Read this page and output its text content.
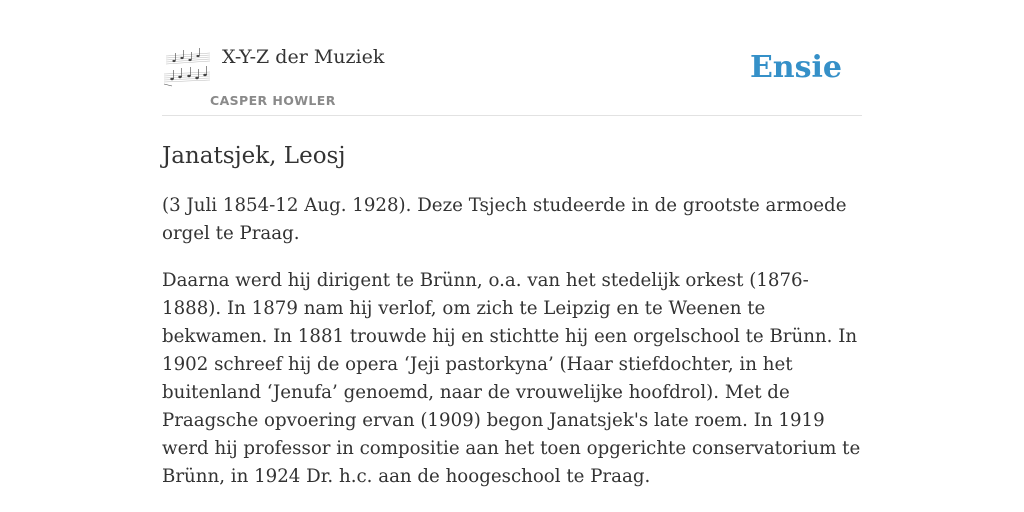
X-Y-Z der Muziek
CASPER HOWLER
Ensie
Janatsjek, Leosj

(3 Juli 1854-12 Aug. 1928). Deze Tsjech studeerde in de grootste armoede orgel te Praag.

Daarna werd hij dirigent te Brünn, o.a. van het stedelijk orkest (1876-1888). In 1879 nam hij verlof, om zich te Leipzig en te Weenen te bekwamen. In 1881 trouwde hij en stichtte hij een orgelschool te Brünn. In 1902 schreef hij de opera ‘Jeji pastorkyna’ (Haar stiefdochter, in het buitenland ‘Jenufa’ genoemd, naar de vrouwelijke hoofdrol). Met de Praagsche opvoering ervan (1909) begon Janatsjek's late roem. In 1919 werd hij professor in compositie aan het toen opgerichte conservatorium te Brünn, in 1924 Dr. h.c. aan de hoogeschool te Praag.
